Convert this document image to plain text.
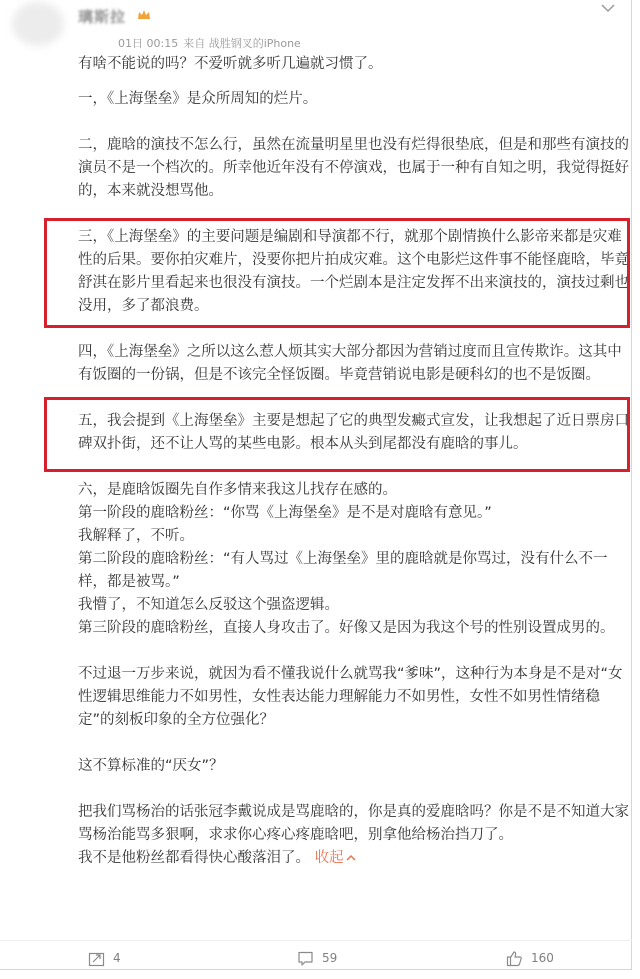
璃斯拉
01日 00:15 来自 战胜钢叉的iPhone

有啥不能说的吗？不爱听就多听几遍就习惯了。

一，《上海堡垒》是众所周知的烂片。

二，鹿晗的演技不怎么行，虽然在流量明星里也没有烂得很垫底，但是和那些有演技的演员不是一个档次的。所幸他近年没有不停演戏，也属于一种有自知之明，我觉得挺好的，本来就没想骂他。

三，《上海堡垒》的主要问题是编剧和导演都不行，就那个剧情换什么影帝来都是灾难性的后果。要你拍灾难片，没要你把片拍成灾难。这个电影烂这件事不能怪鹿晗，毕竟舒淇在影片里看起来也很没有演技。一个烂剧本是注定发挥不出来演技的，演技过剩也没用，多了都浪费。

四，《上海堡垒》之所以这么惹人烦其实大部分都因为营销过度而且宣传欺诈。这其中有饭圈的一份锅，但是不该完全怪饭圈。毕竟营销说电影是硬科幻的也不是饭圈。

五，我会提到《上海堡垒》主要是想起了它的典型发癜式宣发，让我想起了近日票房口碑双扑街，还不让人骂的某些电影。根本从头到尾都没有鹿晗的事儿。

六，是鹿晗饭圈先自作多情来我这儿找存在感的。

第一阶段的鹿晗粉丝：“你骂《上海堡垒》是不是对鹿晗有意见。”

我解释了，不听。

第二阶段的鹿晗粉丝：“有人骂过《上海堡垒》里的鹿晗就是你骂过，没有什么不一样，都是被骂。”

我懵了，不知道怎么反驳这个强盗逻辑。

第三阶段的鹿晗粉丝，直接人身攻击了。好像又是因为我这个号的性别设置成男的。

不过退一万步来说，就因为看不懂我说什么就骂我“爹味”，这种行为本身是不是对“女性逻辑思维能力不如男性，女性表达能力理解能力不如男性，女性不如男性情绪稳定”的刻板印象的全方位强化？

这不算标准的“厌女”？

把我们骂杨治的话张冠李戴说成是骂鹿晗的，你是真的爱鹿晗吗？你是不是不知道大家骂杨治能骂多狠啊，求求你心疼心疼鹿晗吧，别拿他给杨治挡刀了。

我不是他粉丝都看得快心酸落泪了。 收起

4	59	160
